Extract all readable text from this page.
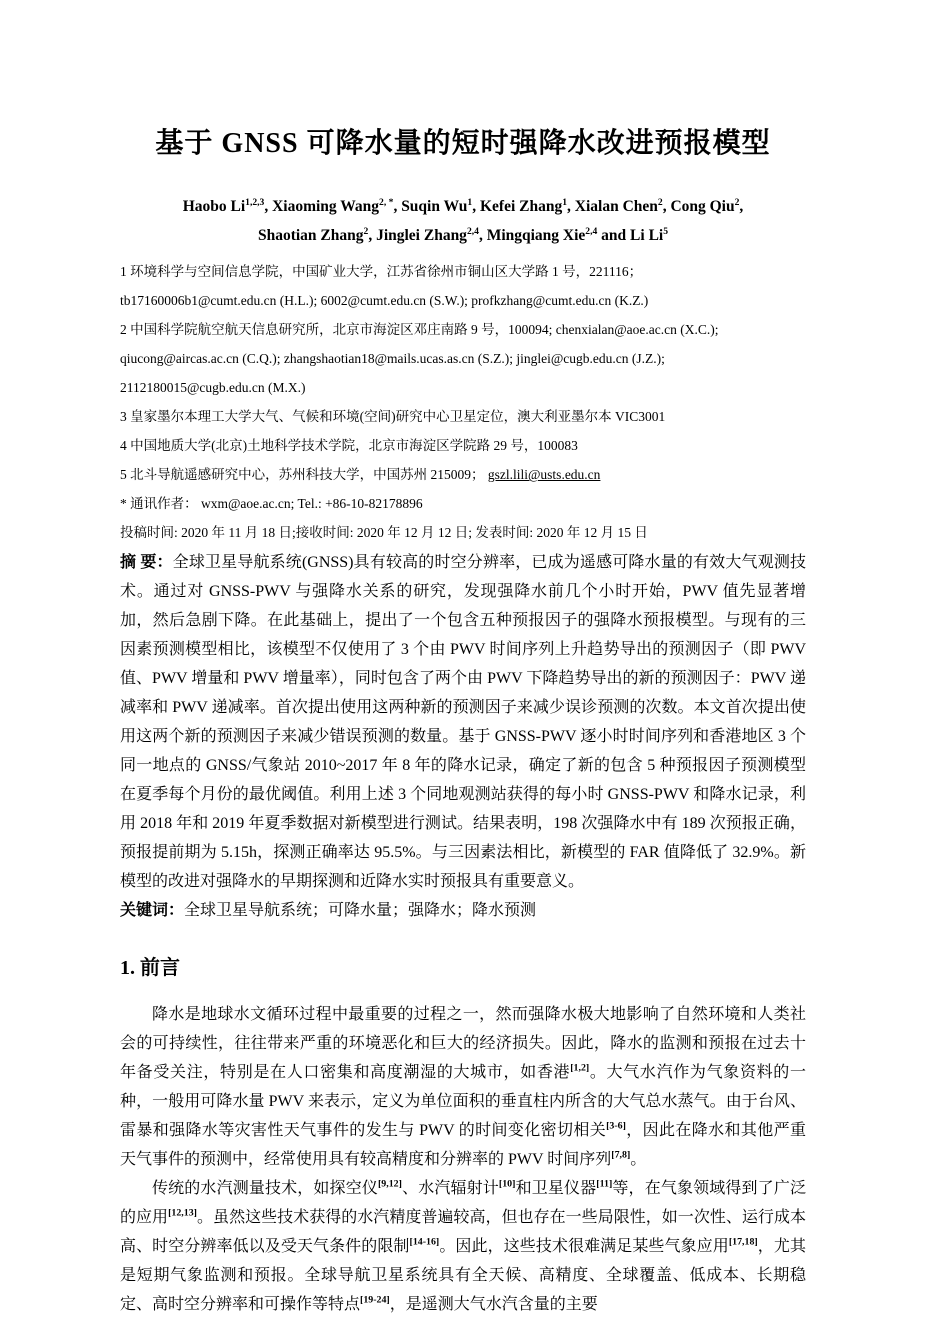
基于 GNSS 可降水量的短时强降水改进预报模型
Haobo Li$^{1,2,3}$, Xiaoming Wang$^{2, *}$, Suqin Wu$^1$, Kefei Zhang$^1$, Xialan Chen$^2$, Cong Qiu$^2$,
Shaotian Zhang$^2$, Jinglei Zhang$^{2,4}$, Mingqiang Xie$^{2,4}$ and Li Li$^5$
1 环境科学与空间信息学院，中国矿业大学，江苏省徐州市铜山区大学路 1 号，221116；
tb17160006b1@cumt.edu.cn (H.L.); 6002@cumt.edu.cn (S.W.); profkzhang@cumt.edu.cn (K.Z.)
2 中国科学院航空航天信息研究所，北京市海淀区邓庄南路 9 号，100094; chenxialan@aoe.ac.cn (X.C.);
qiucong@aircas.ac.cn (C.Q.); zhangshaotian18@mails.ucas.as.cn (S.Z.); jinglei@cugb.edu.cn (J.Z.);
2112180015@cugb.edu.cn (M.X.)
3 皇家墨尔本理工大学大气、气候和环境(空间)研究中心卫星定位，澳大利亚墨尔本 VIC3001
4 中国地质大学(北京)土地科学技术学院，北京市海淀区学院路 29 号，100083
5 北斗导航遥感研究中心，苏州科技大学，中国苏州 215009； gszl.lili@usts.edu.cn
* 通讯作者： wxm@aoe.ac.cn; Tel.: +86-10-82178896
投稿时间: 2020 年 11 月 18 日;接收时间: 2020 年 12 月 12 日; 发表时间: 2020 年 12 月 15 日

摘 要：全球卫星导航系统(GNSS)具有较高的时空分辨率，已成为遥感可降水量的有效大气观测技术。通过对 GNSS-PWV 与强降水关系的研究，发现强降水前几个小时开始，PWV 值先显著增加，然后急剧下降。在此基础上，提出了一个包含五种预报因子的强降水预报模型。与现有的三因素预测模型相比，该模型不仅使用了 3 个由 PWV 时间序列上升趋势导出的预测因子（即 PWV 值、PWV 增量和 PWV 增量率），同时包含了两个由 PWV 下降趋势导出的新的预测因子：PWV 递减率和 PWV 递减率。首次提出使用这两种新的预测因子来减少误诊预测的次数。本文首次提出使用这两个新的预测因子来减少错误预测的数量。基于 GNSS-PWV 逐小时时间序列和香港地区 3 个同一地点的 GNSS/气象站 2010~2017 年 8 年的降水记录，确定了新的包含 5 种预报因子预测模型在夏季每个月份的最优阈值。利用上述 3 个同地观测站获得的每小时 GNSS-PWV 和降水记录，利用 2018 年和 2019 年夏季数据对新模型进行测试。结果表明，198 次强降水中有 189 次预报正确，预报提前期为 5.15h，探测正确率达 95.5%。与三因素法相比，新模型的 FAR 值降低了 32.9%。新模型的改进对强降水的早期探测和近降水实时预报具有重要意义。

关键词：全球卫星导航系统；可降水量；强降水；降水预测

1. 前言

降水是地球水文循环过程中最重要的过程之一，然而强降水极大地影响了自然环境和人类社会的可持续性，往往带来严重的环境恶化和巨大的经济损失。因此，降水的监测和预报在过去十年备受关注，特别是在人口密集和高度潮湿的大城市，如香港[1,2]。大气水汽作为气象资料的一种，一般用可降水量 PWV 来表示，定义为单位面积的垂直柱内所含的大气总水蒸气。由于台风、雷暴和强降水等灾害性天气事件的发生与 PWV 的时间变化密切相关[3-6]，因此在降水和其他严重天气事件的预测中，经常使用具有较高精度和分辨率的 PWV 时间序列[7,8]。

传统的水汽测量技术，如探空仪[9,12]、水汽辐射计[10]和卫星仪器[11]等，在气象领域得到了广泛的应用[12,13]。虽然这些技术获得的水汽精度普遍较高，但也存在一些局限性，如一次性、运行成本高、时空分辨率低以及受天气条件的限制[14-16]。因此，这些技术很难满足某些气象应用[17,18]，尤其是短期气象监测和预报。全球导航卫星系统具有全天候、高精度、全球覆盖、低成本、长期稳定、高时空分辨率和可操作等特点[19-24]，是遥测大气水汽含量的主要
